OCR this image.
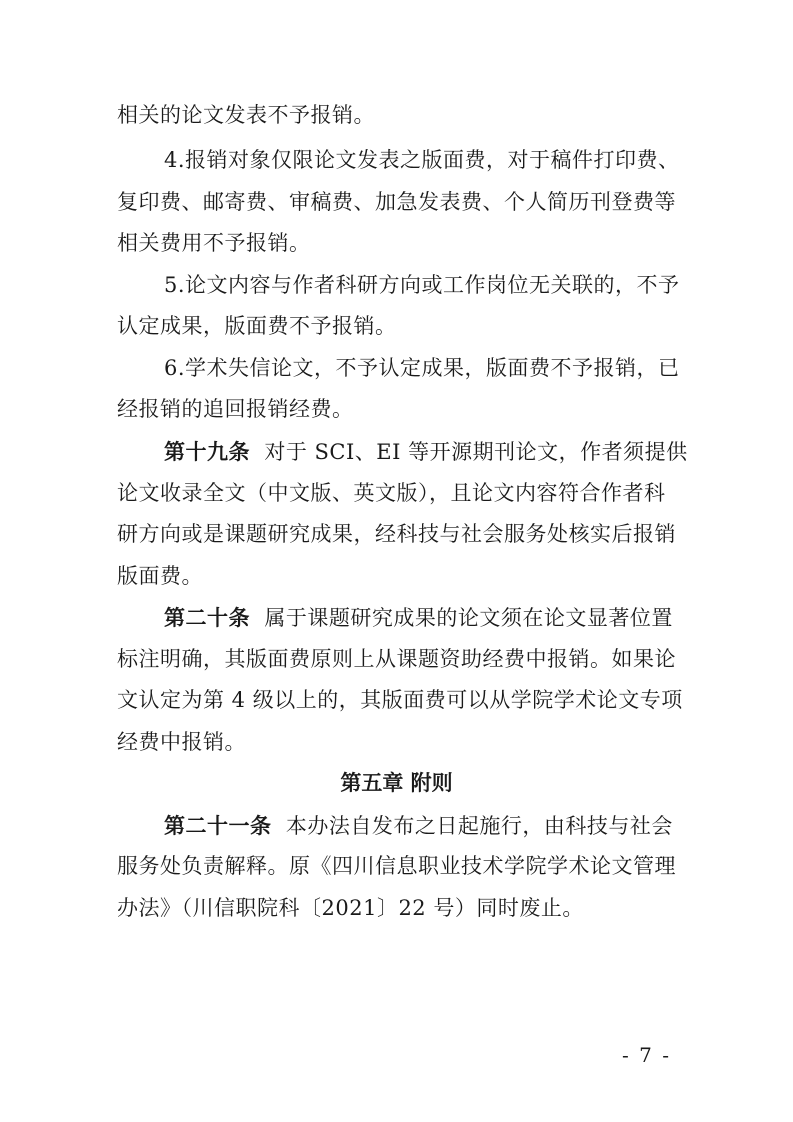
相关的论文发表不予报销。
4.报销对象仅限论文发表之版面费，对于稿件打印费、
复印费、邮寄费、审稿费、加急发表费、个人简历刊登费等
相关费用不予报销。
5.论文内容与作者科研方向或工作岗位无关联的，不予
认定成果，版面费不予报销。
6.学术失信论文，不予认定成果，版面费不予报销，已
经报销的追回报销经费。
第十九条 对于 SCI、EI 等开源期刊论文，作者须提供
论文收录全文（中文版、英文版），且论文内容符合作者科
研方向或是课题研究成果，经科技与社会服务处核实后报销
版面费。
第二十条 属于课题研究成果的论文须在论文显著位置
标注明确，其版面费原则上从课题资助经费中报销。如果论
文认定为第 4 级以上的，其版面费可以从学院学术论文专项
经费中报销。
第五章 附则
第二十一条 本办法自发布之日起施行，由科技与社会
服务处负责解释。原《四川信息职业技术学院学术论文管理
办法》（川信职院科〔2021〕22 号）同时废止。
- 7 -
